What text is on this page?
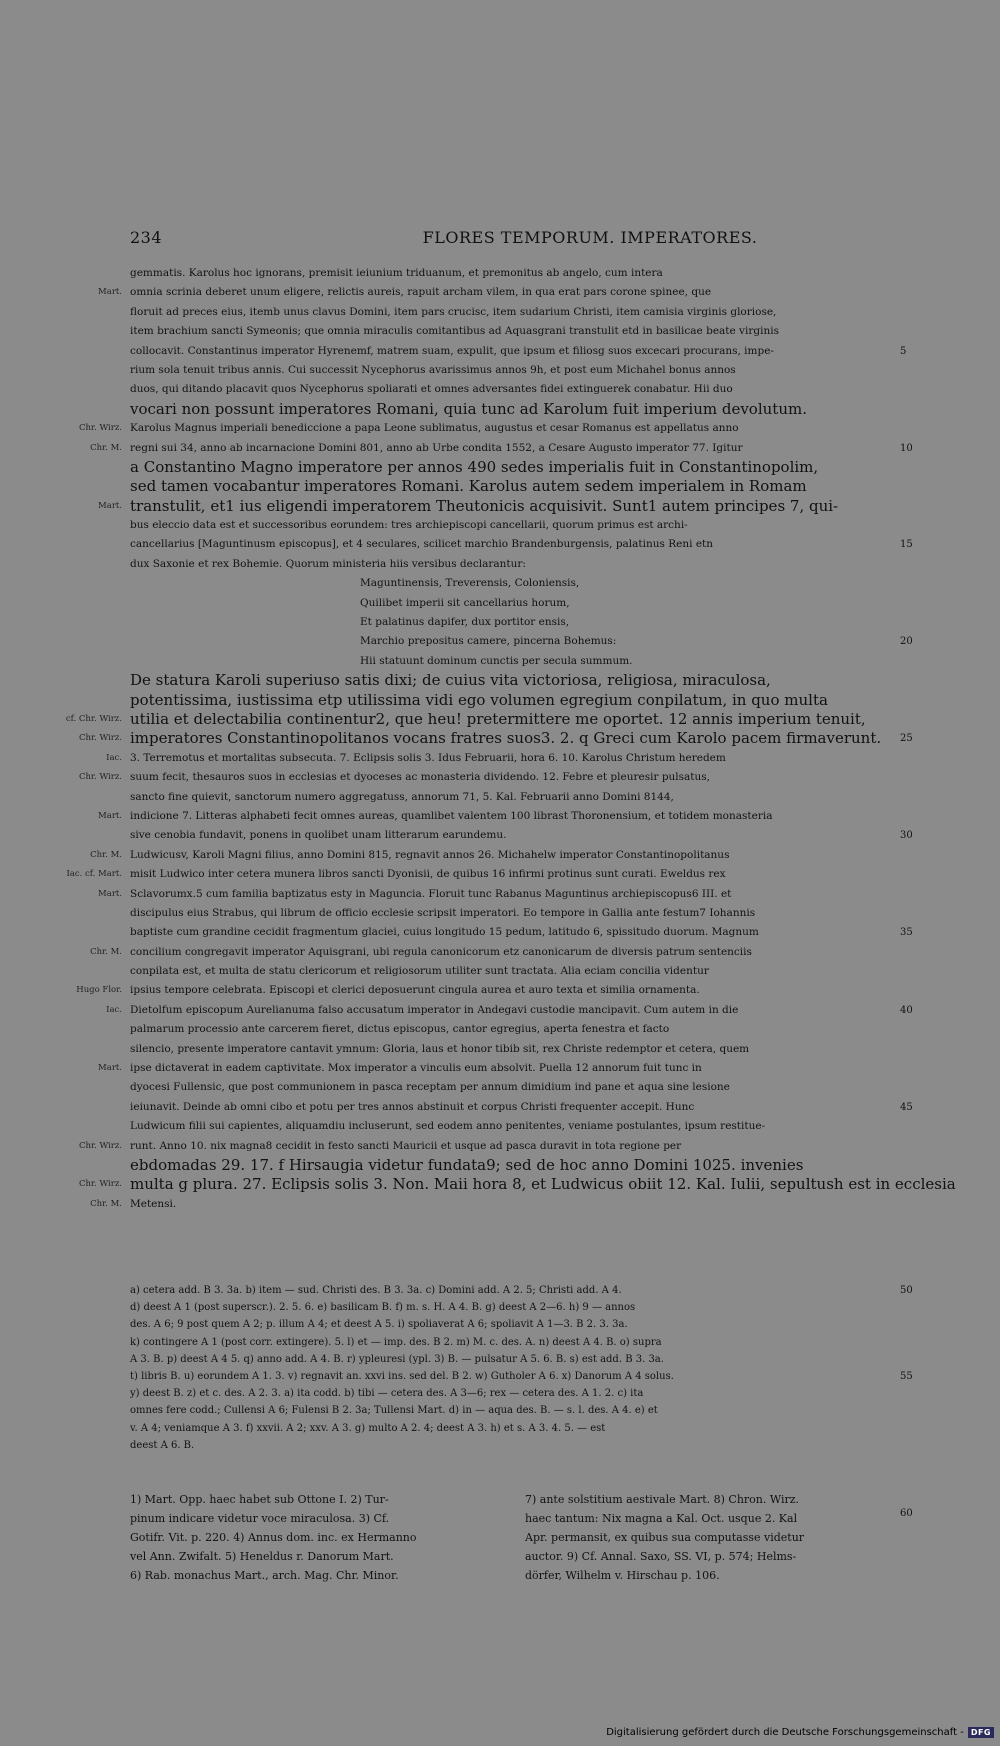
234	FLORES TEMPORUM. IMPERATORES.
gemmatis. Karolus hoc ignorans, premisit ieiunium triduanum, et premonitus ab angelo, cum intera
Mart. omnia scrinia deberet unum eligere, relictis aureis, rapuit archam vilem, in qua erat pars corone spinee, que
floruit ad preces eius, itemb unus clavus Domini, item pars crucisc, item sudarium Christi, item camisia virginis gloriose,
item brachium sancti Symeonis; que omnia miraculis comitantibus ad Aquasgrani transtulit etd in basilicae beate virginis
collocavit. Constantinus imperator Hyrenemf, matrem suam, expulit, que ipsum et filiosg suos excecari procurans, impe-	5
rium sola tenuit tribus annis. Cui successit Nycephorus avarissimus annos 9h, et post eum Michahel bonus annos
duos, qui ditando placavit quos Nycephorus spoliarati et omnes adversantes fidei extinguerek conabatur. Hii duo
vocari non possunt imperatores Romani, quia tunc ad Karolum fuit imperium devolutum.
Chr. Wirz. Karolus Magnus imperiali benediccione a papa Leone sublimatus, augustus et cesar Romanus est appellatus anno
Chr. M. regni sui 34, anno ab incarnacione Domini 801, anno ab Urbe condita 1552, a Cesare Augusto imperator 77. Igitur	10
a Constantino Magno imperatore per annos 490 sedes imperialis fuit in Constantinopolim,
sed tamen vocabantur imperatores Romani. Karolus autem sedem imperialem in Romam
Mart. transtulit, et1 ius eligendi imperatorem Theutonicis acquisivit. Sunt1 autem principes 7, qui-
bus eleccio data est et successoribus eorundem: tres archiepiscopi cancellarii, quorum primus est archi-
cancellarius [Maguntinusm episcopus], et 4 seculares, scilicet marchio Brandenburgensis, palatinus Reni etn	15
dux Saxonie et rex Bohemie. Quorum ministeria hiis versibus declarantur:
Maguntinensis, Treverensis, Coloniensis,
Quilibet imperii sit cancellarius horum,
Et palatinus dapifer, dux portitor ensis,
Marchio prepositus camere, pincerna Bohemus:	20
Hii statuunt dominum cunctis per secula summum.
De statura Karoli superiuso satis dixi; de cuius vita victoriosa, religiosa, miraculosa,
potentissima, iustissima etp utilissima vidi ego volumen egregium conpilatum, in quo multa
cf. Chr. Wirz. utilia et delectabilia continentur2, que heu! pretermittere me oportet. 12 annis imperium tenuit,
Chr. Wirz. imperatores Constantinopolitanos vocans fratres suos3. 2. q Greci cum Karolo pacem firmaverunt. 25
Iac. 3. Terremotus et mortalitas subsecuta. 7. Eclipsis solis 3. Idus Februarii, hora 6. 10. Karolus Christum heredem
Chr. Wirz. suum fecit, thesauros suos in ecclesias et dyoceses ac monasteria dividendo. 12. Febre et pleuresir pulsatus,
sancto fine quievit, sanctorum numero aggregatuss, annorum 71, 5. Kal. Februarii anno Domini 8144,
Mart. indicione 7. Litteras alphabeti fecit omnes aureas, quamlibet valentem 100 librast Thoronensium, et totidem monasteria
sive cenobia fundavit, ponens in quolibet unam litterarum earundemu.	30
Chr. M. Ludwicusv, Karoli Magni filius, anno Domini 815, regnavit annos 26. Michahelw imperator Constantinopolitanus
Iac. cf. Mart. misit Ludwico inter cetera munera libros sancti Dyonisii, de quibus 16 infirmi protinus sunt curati. Eweldus rex
Mart. Sclavorumx.5 cum familia baptizatus esty in Maguncia. Floruit tunc Rabanus Maguntinus archiepiscopus6 III. et
discipulus eius Strabus, qui librum de officio ecclesie scripsit imperatori. Eo tempore in Gallia ante festum7 Iohannis
baptiste cum grandine cecidit fragmentum glaciei, cuius longitudo 15 pedum, latitudo 6, spissitudo duorum. Magnum	35
Chr. M. concilium congregavit imperator Aquisgrani, ubi regula canonicorum etz canonicarum de diversis patrum sentenciis
conpilata est, et multa de statu clericorum et religiosorum utiliter sunt tractata. Alia eciam concilia videntur
Hugo Flor. ipsius tempore celebrata. Episcopi et clerici deposuerunt cingula aurea et auro texta et similia ornamenta.
Iac. Dietolfum episcopum Aurelianuma falso accusatum imperator in Andegavi custodie mancipavit. Cum autem in die	40
palmarum processio ante carcerem fieret, dictus episcopus, cantor egregius, aperta fenestra et facto
silencio, presente imperatore cantavit ymnum: Gloria, laus et honor tibib sit, rex Christe redemptor et cetera, quem
Mart. ipse dictaverat in eadem captivitate. Mox imperator a vinculis eum absolvit. Puella 12 annorum fuit tunc in
dyocesi Fullensic, que post communionem in pasca receptam per annum dimidium ind pane et aqua sine lesione
ieiunavit. Deinde ab omni cibo et potu per tres annos abstinuit et corpus Christi frequenter accepit. Hunc	45
Ludwicum filii sui capientes, aliquamdiu incluserunt, sed eodem anno penitentes, veniame postulantes, ipsum restitue-
Chr. Wirz. runt. Anno 10. nix magna8 cecidit in festo sancti Mauricii et usque ad pasca duravit in tota regione per
ebdomadas 29. 17. f Hirsaugia videtur fundata9; sed de hoc anno Domini 1025. invenies
Chr. Wirz. multa g plura. 27. Eclipsis solis 3. Non. Maii hora 8, et Ludwicus obiit 12. Kal. Iulii, sepultush est in ecclesia
Chr. M. Metensi.
a) cetera add. B 3. 3a. b) item — sud. Christi des. B 3. 3a. c) Domini add. A 2. 5; Christi add. A 4.	50
d) deest A 1 (post superscr.). 2. 5. 6. e) basilicam B. f) m. s. H. A 4. B. g) deest A 2—6. h) 9 — annos
des. A 6; 9 post quem A 2; p. illum A 4; et deest A 5. i) spoliaverat A 6; spoliavit A 1—3. B 2. 3. 3a.
k) contingere A 1 (post corr. extingere). 5. l) et — imp. des. B 2. m) M. c. des. A. n) deest A 4. B. o) supra
A 3. B. p) deest A 4 5. q) anno add. A 4. B. r) ypleuresi (ypl. 3) B. — pulsatur A 5. 6. B. s) est add. B 3. 3a.
t) libris B. u) eorundem A 1. 3. v) regnavit an. xxvi ins. sed del. B 2. w) Gutholer A 6. x) Danorum A 4 solus.	55
y) deest B. z) et c. des. A 2. 3. a) ita codd. b) tibi — cetera des. A 3—6; rex — cetera des. A 1. 2. c) ita
omnes fere codd.; Cullensi A 6; Fulensi B 2. 3a; Tullensi Mart. d) in — aqua des. B. — s. l. des. A 4. e) et
v. A 4; veniamque A 3. f) xxvii. A 2; xxv. A 3. g) multo A 2. 4; deest A 3. h) et s. A 3. 4. 5. — est
deest A 6. B.
1) Mart. Opp. haec habet sub Ottone I. 2) Tur-
pinum indicare videtur voce miraculosa. 3) Cf.
Gotifr. Vit. p. 220. 4) Annus dom. inc. ex Hermanno
vel Ann. Zwifalt. 5) Heneldus r. Danorum Mart.
6) Rab. monachus Mart., arch. Mag. Chr. Minor.
7) ante solstitium aestivale Mart. 8) Chron. Wirz.
haec tantum: Nix magna a Kal. Oct. usque 2. Kal
Apr. permansit, ex quibus sua computasse videtur
auctor. 9) Cf. Annal. Saxo, SS. VI, p. 574; Helms-
dörfer, Wilhelm v. Hirschau p. 106.
60
Digitalisierung gefördert durch die Deutsche Forschungsgemeinschaft - DFG
